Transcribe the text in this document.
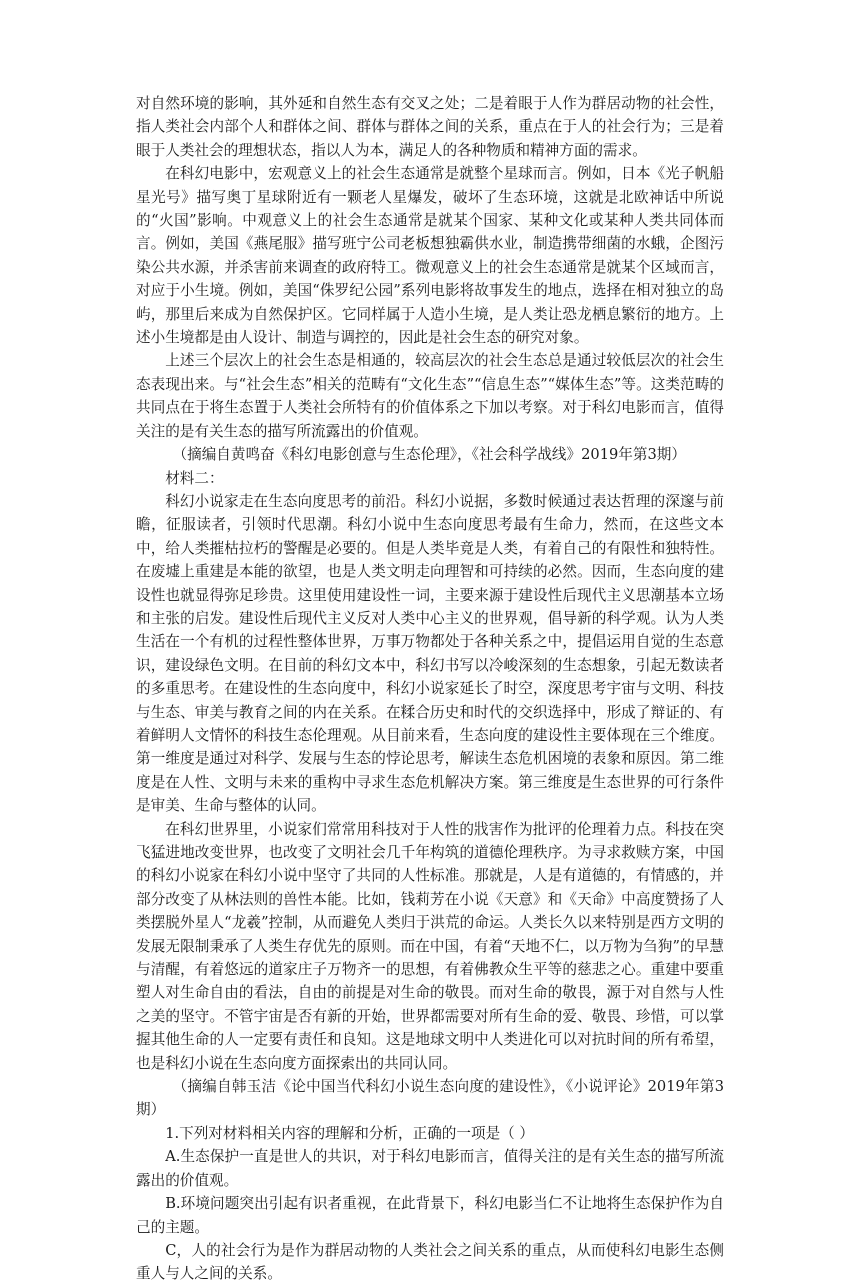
对自然环境的影响，其外延和自然生态有交叉之处；二是着眼于人作为群居动物的社会性，指人类社会内部个人和群体之间、群体与群体之间的关系，重点在于人的社会行为；三是着眼于人类社会的理想状态，指以人为本，满足人的各种物质和精神方面的需求。

在科幻电影中，宏观意义上的社会生态通常是就整个星球而言。例如，日本《光子帆船星光号》描写奥丁星球附近有一颗老人星爆发，破坏了生态环境，这就是北欧神话中所说的“火国”影响。中观意义上的社会生态通常是就某个国家、某种文化或某种人类共同体而言。例如，美国《燕尾服》描写班宁公司老板想独霸供水业，制造携带细菌的水蛾，企图污染公共水源，并杀害前来调查的政府特工。微观意义上的社会生态通常是就某个区域而言，对应于小生境。例如，美国“侏罗纪公园”系列电影将故事发生的地点，选择在相对独立的岛屿，那里后来成为自然保护区。它同样属于人造小生境，是人类让恐龙栖息繁衍的地方。上述小生境都是由人设计、制造与调控的，因此是社会生态的研究对象。

上述三个层次上的社会生态是相通的，较高层次的社会生态总是通过较低层次的社会生态表现出来。与“社会生态”相关的范畴有“文化生态”“信息生态”“媒体生态”等。这类范畴的共同点在于将生态置于人类社会所特有的价值体系之下加以考察。对于科幻电影而言，值得关注的是有关生态的描写所流露出的价值观。

（摘编自黄鸣奋《科幻电影创意与生态伦理》，《社会科学战线》2019年第3期）

材料二：

科幻小说家走在生态向度思考的前沿。科幻小说据，多数时候通过表达哲理的深邃与前瞻，征服读者，引领时代思潮。科幻小说中生态向度思考最有生命力，然而，在这些文本中，给人类摧枯拉朽的警醒是必要的。但是人类毕竟是人类，有着自己的有限性和独特性。在废墟上重建是本能的欲望，也是人类文明走向理智和可持续的必然。因而，生态向度的建设性也就显得弥足珍贵。这里使用建设性一词，主要来源于建设性后现代主义思潮基本立场和主张的启发。建设性后现代主义反对人类中心主义的世界观，倡导新的科学观。认为人类生活在一个有机的过程性整体世界，万事万物都处于各种关系之中，提倡运用自觉的生态意识，建设绿色文明。在目前的科幻文本中，科幻书写以冷峻深刻的生态想象，引起无数读者的多重思考。在建设性的生态向度中，科幻小说家延长了时空，深度思考宇宙与文明、科技与生态、审美与教育之间的内在关系。在糅合历史和时代的交织选择中，形成了辩证的、有着鲜明人文情怀的科技生态伦理观。从目前来看，生态向度的建设性主要体现在三个维度。第一维度是通过对科学、发展与生态的悖论思考，解读生态危机困境的表象和原因。第二维度是在人性、文明与未来的重构中寻求生态危机解决方案。第三维度是生态世界的可行条件是审美、生命与整体的认同。

在科幻世界里，小说家们常常用科技对于人性的戕害作为批评的伦理着力点。科技在突飞猛进地改变世界，也改变了文明社会几千年构筑的道德伦理秩序。为寻求救赎方案，中国的科幻小说家在科幻小说中坚守了共同的人性标准。那就是，人是有道德的，有情感的，并部分改变了从林法则的兽性本能。比如，钱莉芳在小说《天意》和《天命》中高度赞扬了人类摆脱外星人“龙羲”控制，从而避免人类归于洪荒的命运。人类长久以来特别是西方文明的发展无限制秉承了人类生存优先的原则。而在中国，有着“天地不仁，以万物为刍狗”的早慧与清醒，有着悠远的道家庄子万物齐一的思想，有着佛教众生平等的慈悲之心。重建中要重塑人对生命自由的看法，自由的前提是对生命的敬畏。而对生命的敬畏，源于对自然与人性之美的坚守。不管宇宙是否有新的开始，世界都需要对所有生命的爱、敬畏、珍惜，可以掌握其他生命的人一定要有责任和良知。这是地球文明中人类进化可以对抗时间的所有希望，也是科幻小说在生态向度方面探索出的共同认同。

（摘编自韩玉洁《论中国当代科幻小说生态向度的建设性》，《小说评论》2019年第3期）

1.下列对材料相关内容的理解和分析，正确的一项是（ ）

A.生态保护一直是世人的共识，对于科幻电影而言，值得关注的是有关生态的描写所流露出的价值观。

B.环境问题突出引起有识者重视，在此背景下，科幻电影当仁不让地将生态保护作为自己的主题。

C，人的社会行为是作为群居动物的人类社会之间关系的重点，从而使科幻电影生态侧重人与人之间的关系。
